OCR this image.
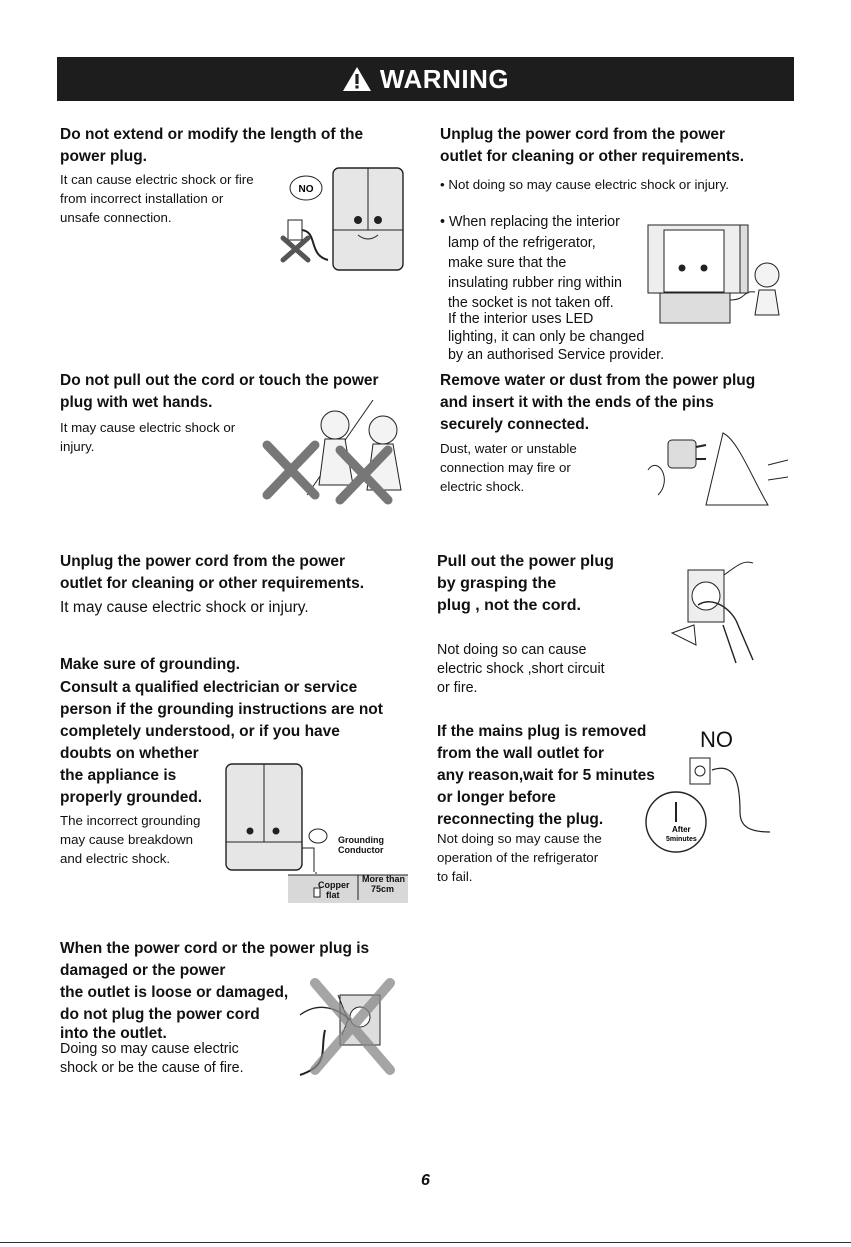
WARNING

Do not extend or modify the length of the

power plug.

It can cause electric shock or fire

from incorrect installation or

unsafe connection.

NO

Unplug the power cord from the power

outlet for cleaning or other requirements.

• Not doing so may cause electric shock or injury.

• When replacing the interior

lamp of the refrigerator,

make sure that the

insulating rubber ring within

the socket is not taken off.

If the interior uses LED

lighting, it can only be changed

by an authorised Service provider.

Do not pull out the cord or touch the power

plug with wet hands.

It may cause electric shock or

injury.

Remove water or dust from the power plug

and insert it with the ends of the pins

securely connected.

Dust, water or unstable

connection may fire or

electric shock.

Unplug the power cord from the power

outlet for cleaning or other requirements.

It may cause electric shock or injury.

Pull out the power plug

by grasping the

plug , not the cord.

Not doing so can cause

electric shock ,short circuit

or fire.

Make sure of grounding.

Consult a qualified electrician or service

person if the grounding instructions are not

completely understood, or if you have

doubts on whether

the appliance is

properly grounded.

The incorrect grounding

may cause breakdown

and electric shock.

Grounding
Conductor
More than
75cm
Copper
flat

If the mains plug is removed

from the wall outlet for

any reason,wait for 5 minutes

or longer before

reconnecting the plug.

Not doing so may cause the

operation of the refrigerator

to fail.

NO
After
5minutes

When the power cord or the power plug is

damaged or the power

the outlet is loose or damaged,

do not plug the power cord

into the outlet.

Doing so may cause electric

shock or be the cause of fire.

6
